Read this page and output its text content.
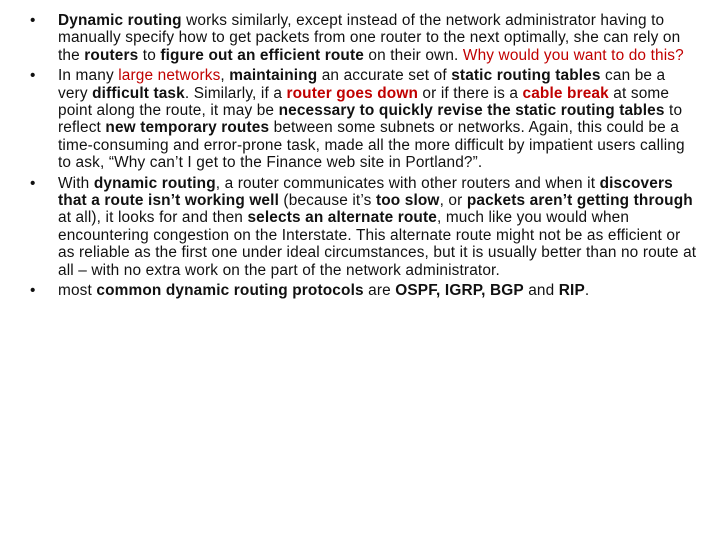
•	Dynamic routing works similarly, except instead of the network administrator having to manually specify how to get packets from one router to the next optimally, she can rely on the routers to figure out an efficient route on their own. Why would you want to do this?
•	In many large networks, maintaining an accurate set of static routing tables can be a very difficult task. Similarly, if a router goes down or if there is a cable break at some point along the route, it may be necessary to quickly revise the static routing tables to reflect new temporary routes between some subnets or networks. Again, this could be a time-consuming and error-prone task, made all the more difficult by impatient users calling to ask, “Why can’t I get to the Finance web site in Portland?”.
•	With dynamic routing, a router communicates with other routers and when it discovers that a route isn’t working well (because it’s too slow, or packets aren’t getting through at all), it looks for and then selects an alternate route, much like you would when encountering congestion on the Interstate. This alternate route might not be as efficient or as reliable as the first one under ideal circumstances, but it is usually better than no route at all – with no extra work on the part of the network administrator.
•	most common dynamic routing protocols are OSPF, IGRP, BGP and RIP.
